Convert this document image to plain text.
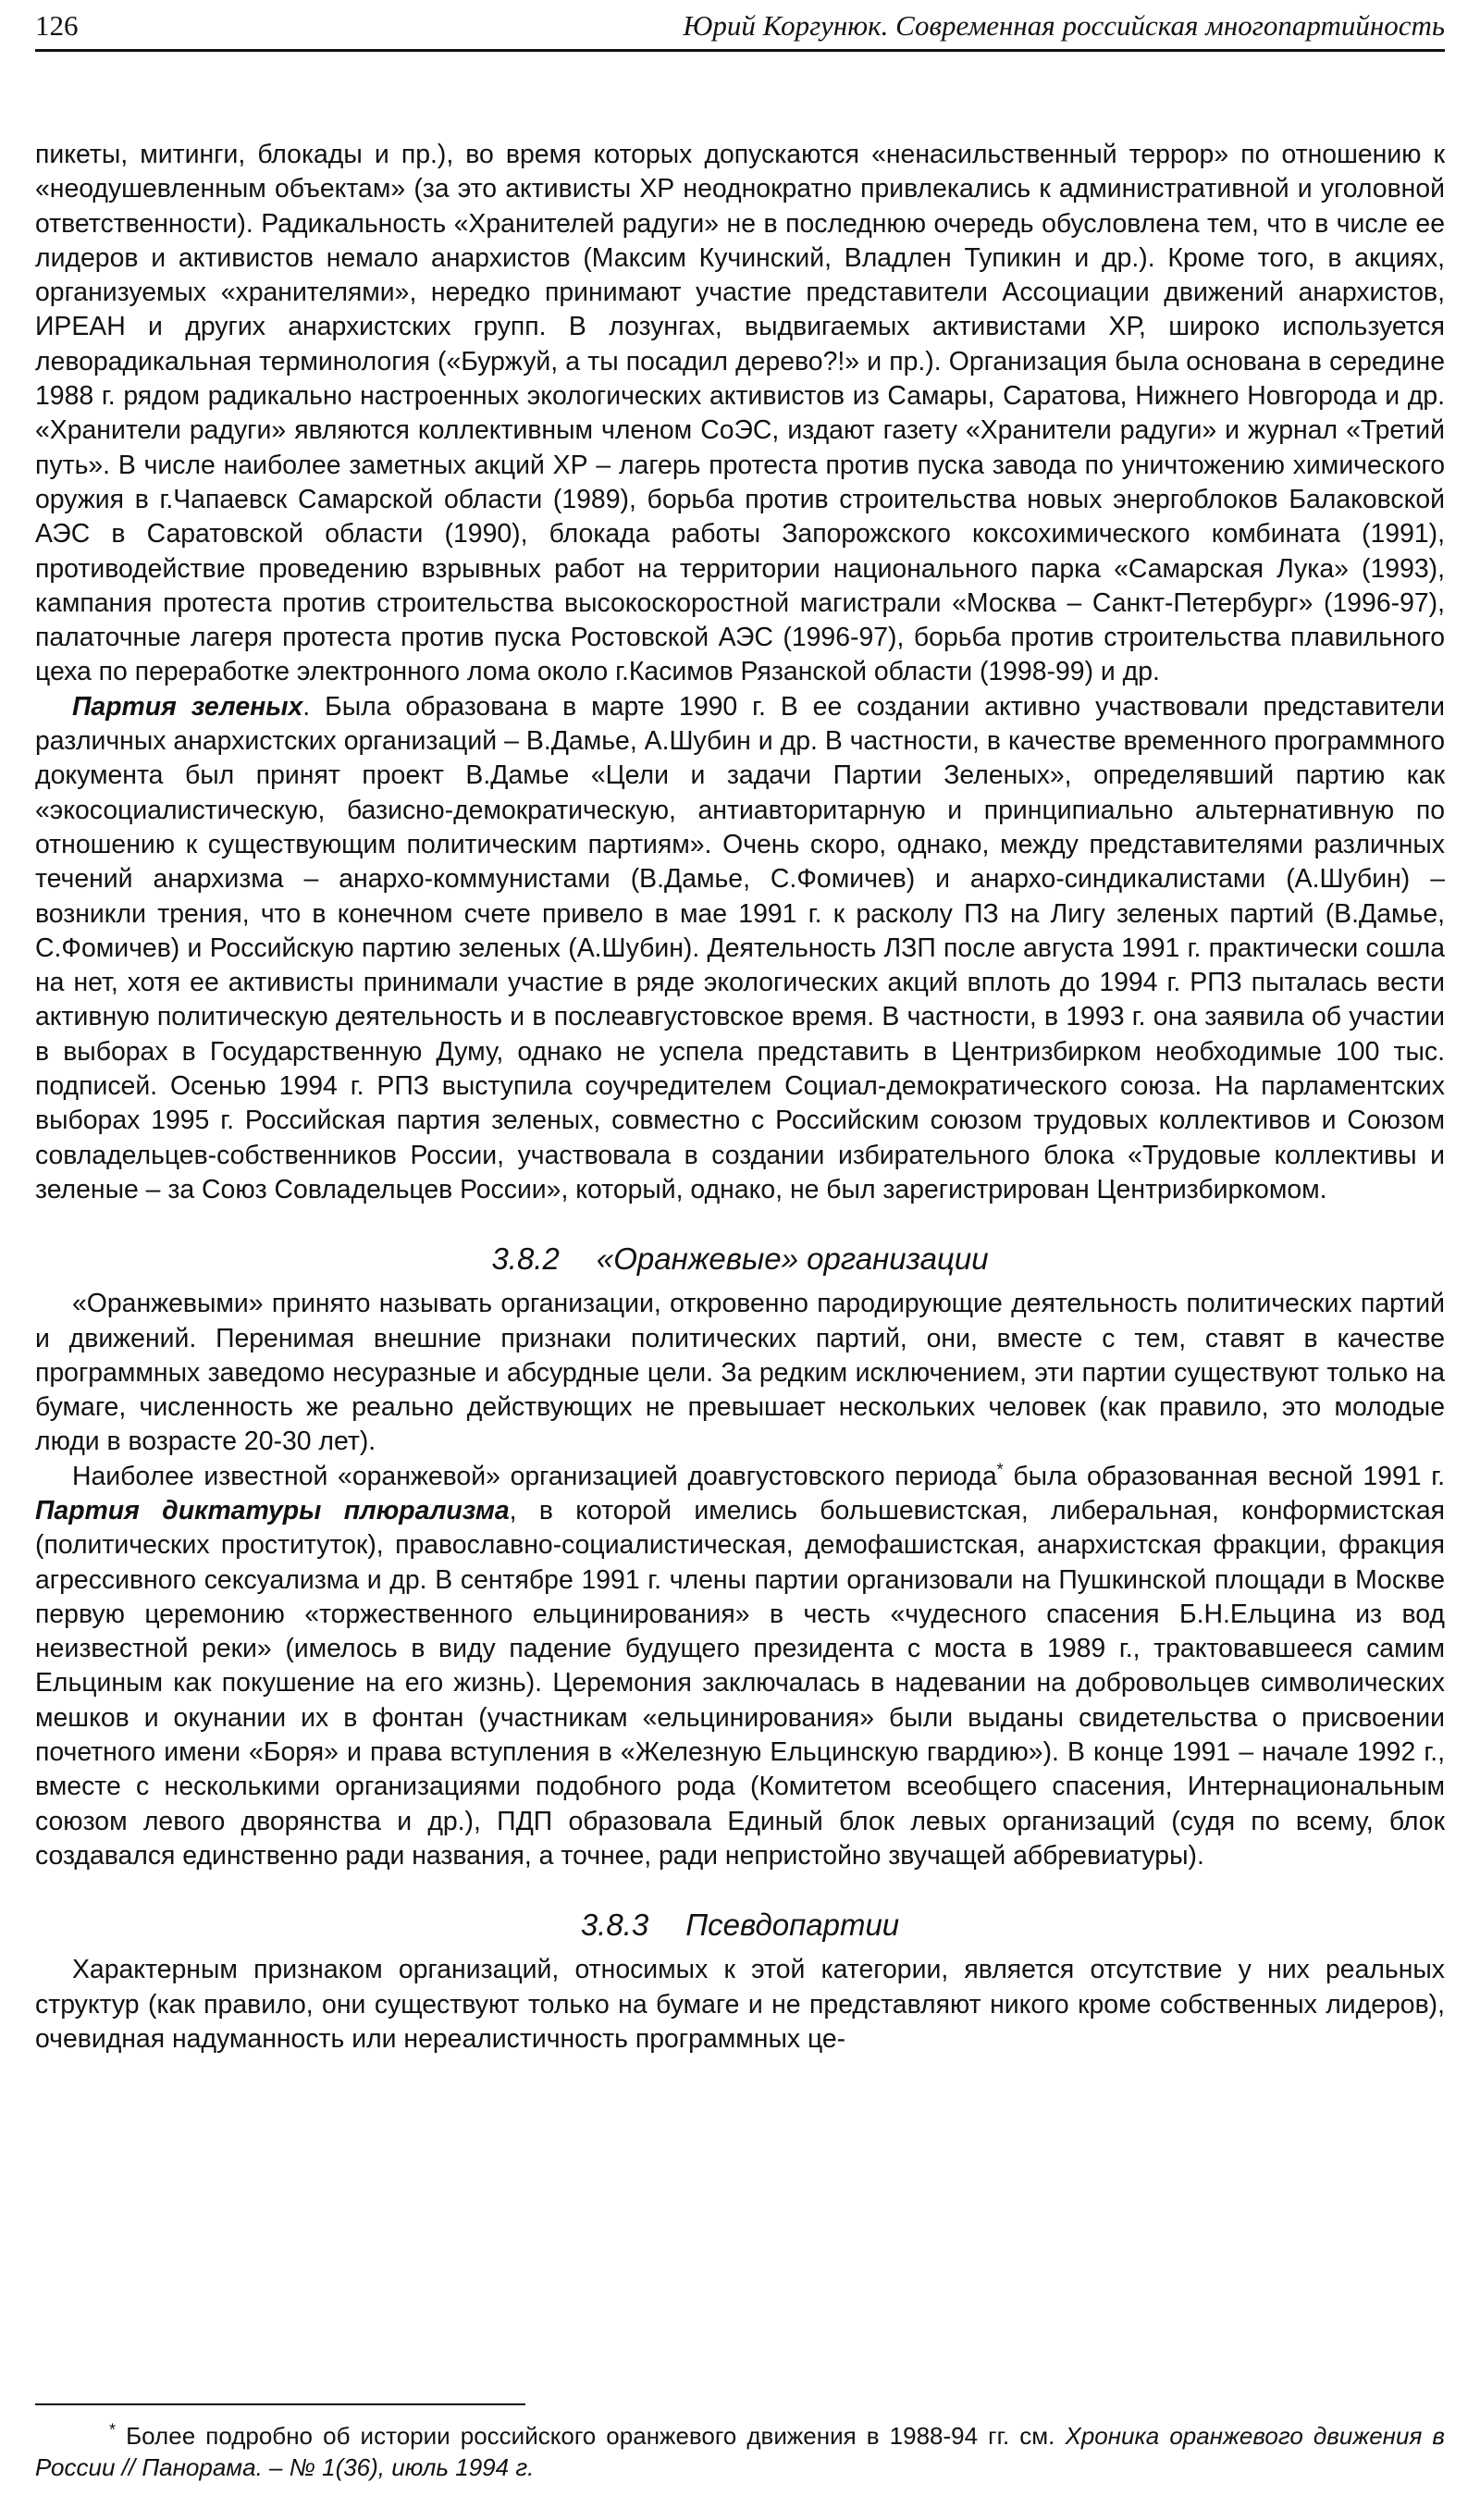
126	Юрий Коргунюк. Современная российская многопартийность

пикеты, митинги, блокады и пр.), во время которых допускаются «ненасильственный террор» по отношению к «неодушевленным объектам» (за это активисты ХР неоднократно привлекались к административной и уголовной ответственности). Радикальность «Хранителей радуги» не в последнюю очередь обусловлена тем, что в числе ее лидеров и активистов немало анархистов (Максим Кучинский, Владлен Тупикин и др.). Кроме того, в акциях, организуемых «хранителями», нередко принимают участие представители Ассоциации движений анархистов, ИРЕАН и других анархистских групп. В лозунгах, выдвигаемых активистами ХР, широко используется леворадикальная терминология («Буржуй, а ты посадил дерево?!» и пр.). Организация была основана в середине 1988 г. рядом радикально настроенных экологических активистов из Самары, Саратова, Нижнего Новгорода и др. «Хранители радуги» являются коллективным членом СоЭС, издают газету «Хранители радуги» и журнал «Третий путь». В числе наиболее заметных акций ХР – лагерь протеста против пуска завода по уничтожению химического оружия в г.Чапаевск Самарской области (1989), борьба против строительства новых энергоблоков Балаковской АЭС в Саратовской области (1990), блокада работы Запорожского коксохимического комбината (1991), противодействие проведению взрывных работ на территории национального парка «Самарская Лука» (1993), кампания протеста против строительства высокоскоростной магистрали «Москва – Санкт-Петербург» (1996-97), палаточные лагеря протеста против пуска Ростовской АЭС (1996-97), борьба против строительства плавильного цеха по переработке электронного лома около г.Касимов Рязанской области (1998-99) и др.

Партия зеленых. Была образована в марте 1990 г. В ее создании активно участвовали представители различных анархистских организаций – В.Дамье, А.Шубин и др. В частности, в качестве временного программного документа был принят проект В.Дамье «Цели и задачи Партии Зеленых», определявший партию как «экосоциалистическую, базисно-демократическую, антиавторитарную и принципиально альтернативную по отношению к существующим политическим партиям». Очень скоро, однако, между представителями различных течений анархизма – анархо-коммунистами (В.Дамье, С.Фомичев) и анархо-синдикалистами (А.Шубин) – возникли трения, что в конечном счете привело в мае 1991 г. к расколу ПЗ на Лигу зеленых партий (В.Дамье, С.Фомичев) и Российскую партию зеленых (А.Шубин). Деятельность ЛЗП после августа 1991 г. практически сошла на нет, хотя ее активисты принимали участие в ряде экологических акций вплоть до 1994 г. РПЗ пыталась вести активную политическую деятельность и в послеавгустовское время. В частности, в 1993 г. она заявила об участии в выборах в Государственную Думу, однако не успела представить в Центризбирком необходимые 100 тыс. подписей. Осенью 1994 г. РПЗ выступила соучредителем Социал-демократического союза. На парламентских выборах 1995 г. Российская партия зеленых, совместно с Российским союзом трудовых коллективов и Союзом совладельцев-собственников России, участвовала в создании избирательного блока «Трудовые коллективы и зеленые – за Союз Совладельцев России», который, однако, не был зарегистрирован Центризбиркомом.

3.8.2 «Оранжевые» организации

«Оранжевыми» принято называть организации, откровенно пародирующие деятельность политических партий и движений. Перенимая внешние признаки политических партий, они, вместе с тем, ставят в качестве программных заведомо несуразные и абсурдные цели. За редким исключением, эти партии существуют только на бумаге, численность же реально действующих не превышает нескольких человек (как правило, это молодые люди в возрасте 20-30 лет).

Наиболее известной «оранжевой» организацией доавгустовского периода* была образованная весной 1991 г. Партия диктатуры плюрализма, в которой имелись большевистская, либеральная, конформистская (политических проституток), православно-социалистическая, демофашистская, анархистская фракции, фракция агрессивного сексуализма и др. В сентябре 1991 г. члены партии организовали на Пушкинской площади в Москве первую церемонию «торжественного ельцинирования» в честь «чудесного спасения Б.Н.Ельцина из вод неизвестной реки» (имелось в виду падение будущего президента с моста в 1989 г., трактовавшееся самим Ельциным как покушение на его жизнь). Церемония заключалась в надевании на добровольцев символических мешков и окунании их в фонтан (участникам «ельцинирования» были выданы свидетельства о присвоении почетного имени «Боря» и права вступления в «Железную Ельцинскую гвардию»). В конце 1991 – начале 1992 г., вместе с несколькими организациями подобного рода (Комитетом всеобщего спасения, Интернациональным союзом левого дворянства и др.), ПДП образовала Единый блок левых организаций (судя по всему, блок создавался единственно ради названия, а точнее, ради непристойно звучащей аббревиатуры).

3.8.3 Псевдопартии

Характерным признаком организаций, относимых к этой категории, является отсутствие у них реальных структур (как правило, они существуют только на бумаге и не представляют никого кроме собственных лидеров), очевидная надуманность или нереалистичность программных це-

* Более подробно об истории российского оранжевого движения в 1988-94 гг. см. Хроника оранжевого движения в России // Панорама. – № 1(36), июль 1994 г.
